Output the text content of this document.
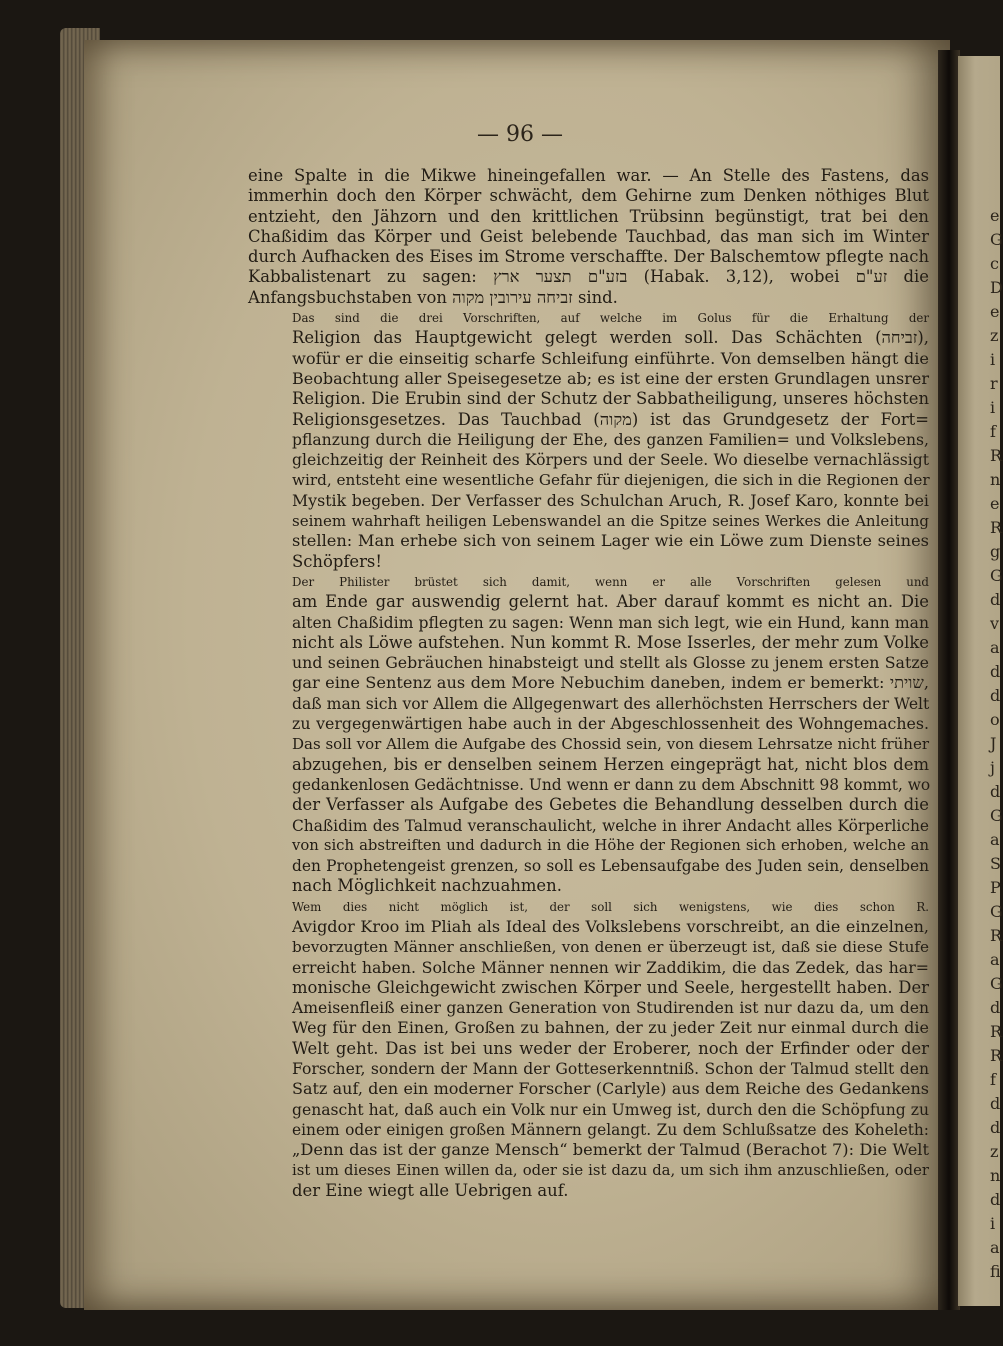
e
G
c
D
e
z
i
r
i
f
R
n
e
R
g
G
d
v
a
d
d
o
J
j
d
G
a
S
P
G
R
a
G
d
R
R
f
d
d
z
n
d
i
a
fi
— 96 —
eine Spalte in die Mikwe hineingefallen war. — An Stelle des Fastens, das
immerhin doch den Körper schwächt, dem Gehirne zum Denken nöthiges Blut
entzieht, den Jähzorn und den krittlichen Trübsinn begünstigt, trat bei den
Chaßidim das Körper und Geist belebende Tauchbad, das man sich im Winter
durch Aufhacken des Eises im Strome verschaffte. Der Balschemtow pflegte nach
Kabbalistenart zu sagen: בזע"ם תצער ארץ (Habak. 3,12), wobei זע"ם die
Anfangsbuchstaben von זביחה עירובין מקוה sind.
Das sind die drei Vorschriften, auf welche im Golus für die Erhaltung der
Religion das Hauptgewicht gelegt werden soll. Das Schächten (זביחה),
wofür er die einseitig scharfe Schleifung einführte. Von demselben hängt die
Beobachtung aller Speisegesetze ab; es ist eine der ersten Grundlagen unsrer
Religion. Die Erubin sind der Schutz der Sabbatheiligung, unseres höchsten
Religionsgesetzes. Das Tauchbad (מקוה) ist das Grundgesetz der Fort=
pflanzung durch die Heiligung der Ehe, des ganzen Familien= und Volkslebens,
gleichzeitig der Reinheit des Körpers und der Seele. Wo dieselbe vernachlässigt
wird, entsteht eine wesentliche Gefahr für diejenigen, die sich in die Regionen der
Mystik begeben. Der Verfasser des Schulchan Aruch, R. Josef Karo, konnte bei
seinem wahrhaft heiligen Lebenswandel an die Spitze seines Werkes die Anleitung
stellen: Man erhebe sich von seinem Lager wie ein Löwe zum Dienste seines
Schöpfers!
Der Philister brüstet sich damit, wenn er alle Vorschriften gelesen und
am Ende gar auswendig gelernt hat. Aber darauf kommt es nicht an. Die
alten Chaßidim pflegten zu sagen: Wenn man sich legt, wie ein Hund, kann man
nicht als Löwe aufstehen. Nun kommt R. Mose Isserles, der mehr zum Volke
und seinen Gebräuchen hinabsteigt und stellt als Glosse zu jenem ersten Satze
gar eine Sentenz aus dem More Nebuchim daneben, indem er bemerkt: שויתי,
daß man sich vor Allem die Allgegenwart des allerhöchsten Herrschers der Welt
zu vergegenwärtigen habe auch in der Abgeschlossenheit des Wohngemaches.
Das soll vor Allem die Aufgabe des Chossid sein, von diesem Lehrsatze nicht früher
abzugehen, bis er denselben seinem Herzen eingeprägt hat, nicht blos dem
gedankenlosen Gedächtnisse. Und wenn er dann zu dem Abschnitt 98 kommt, wo
der Verfasser als Aufgabe des Gebetes die Behandlung desselben durch die
Chaßidim des Talmud veranschaulicht, welche in ihrer Andacht alles Körperliche
von sich abstreiften und dadurch in die Höhe der Regionen sich erhoben, welche an
den Prophetengeist grenzen, so soll es Lebensaufgabe des Juden sein, denselben
nach Möglichkeit nachzuahmen.
Wem dies nicht möglich ist, der soll sich wenigstens, wie dies schon R.
Avigdor Kroo im Pliah als Ideal des Volkslebens vorschreibt, an die einzelnen,
bevorzugten Männer anschließen, von denen er überzeugt ist, daß sie diese Stufe
erreicht haben. Solche Männer nennen wir Zaddikim, die das Zedek, das har=
monische Gleichgewicht zwischen Körper und Seele, hergestellt haben. Der
Ameisenfleiß einer ganzen Generation von Studirenden ist nur dazu da, um den
Weg für den Einen, Großen zu bahnen, der zu jeder Zeit nur einmal durch die
Welt geht. Das ist bei uns weder der Eroberer, noch der Erfinder oder der
Forscher, sondern der Mann der Gotteserkenntniß. Schon der Talmud stellt den
Satz auf, den ein moderner Forscher (Carlyle) aus dem Reiche des Gedankens
genascht hat, daß auch ein Volk nur ein Umweg ist, durch den die Schöpfung zu
einem oder einigen großen Männern gelangt. Zu dem Schlußsatze des Koheleth:
„Denn das ist der ganze Mensch“ bemerkt der Talmud (Berachot 7): Die Welt
ist um dieses Einen willen da, oder sie ist dazu da, um sich ihm anzuschließen, oder
der Eine wiegt alle Uebrigen auf.
